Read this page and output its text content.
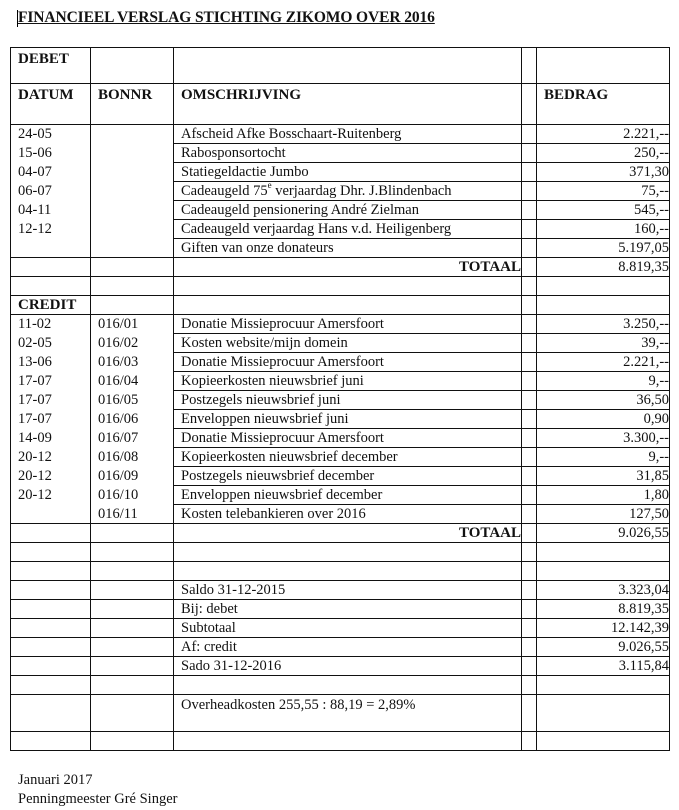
FINANCIEEL VERSLAG STICHTING ZIKOMO OVER 2016
DEBET				
DATUM	BONNR	OMSCHRIJVING		BEDRAG
24-05		Afscheid Afke Bosschaart-Ruitenberg		2.221,--
15-06		Rabosponsortocht		250,--
04-07		Statiegeldactie Jumbo		371,30
06-07		Cadeaugeld 75e verjaardag Dhr. J.Blindenbach		75,--
04-11		Cadeaugeld pensionering André Zielman		545,--
12-12		Cadeaugeld verjaardag Hans v.d. Heiligenberg		160,--
		Giften van onze donateurs		5.197,05
		TOTAAL		8.819,35

CREDIT				
11-02	016/01	Donatie Missieprocuur Amersfoort		3.250,--
02-05	016/02	Kosten website/mijn domein		39,--
13-06	016/03	Donatie Missieprocuur Amersfoort		2.221,--
17-07	016/04	Kopieerkosten nieuwsbrief juni		9,--
17-07	016/05	Postzegels nieuwsbrief juni		36,50
17-07	016/06	Enveloppen nieuwsbrief juni		0,90
14-09	016/07	Donatie Missieprocuur Amersfoort		3.300,--
20-12	016/08	Kopieerkosten nieuwsbrief december		9,--
20-12	016/09	Postzegels nieuwsbrief december		31,85
20-12	016/10	Enveloppen nieuwsbrief december		1,80
	016/11	Kosten telebankieren over 2016		127,50
		TOTAAL		9.026,55

		Saldo 31-12-2015		3.323,04
		Bij: debet		8.819,35
		Subtotaal		12.142,39
		Af: credit		9.026,55
		Sado 31-12-2016		3.115,84

		Overheadkosten 255,55 : 88,19 = 2,89%		

Januari 2017
Penningmeester Gré Singer
